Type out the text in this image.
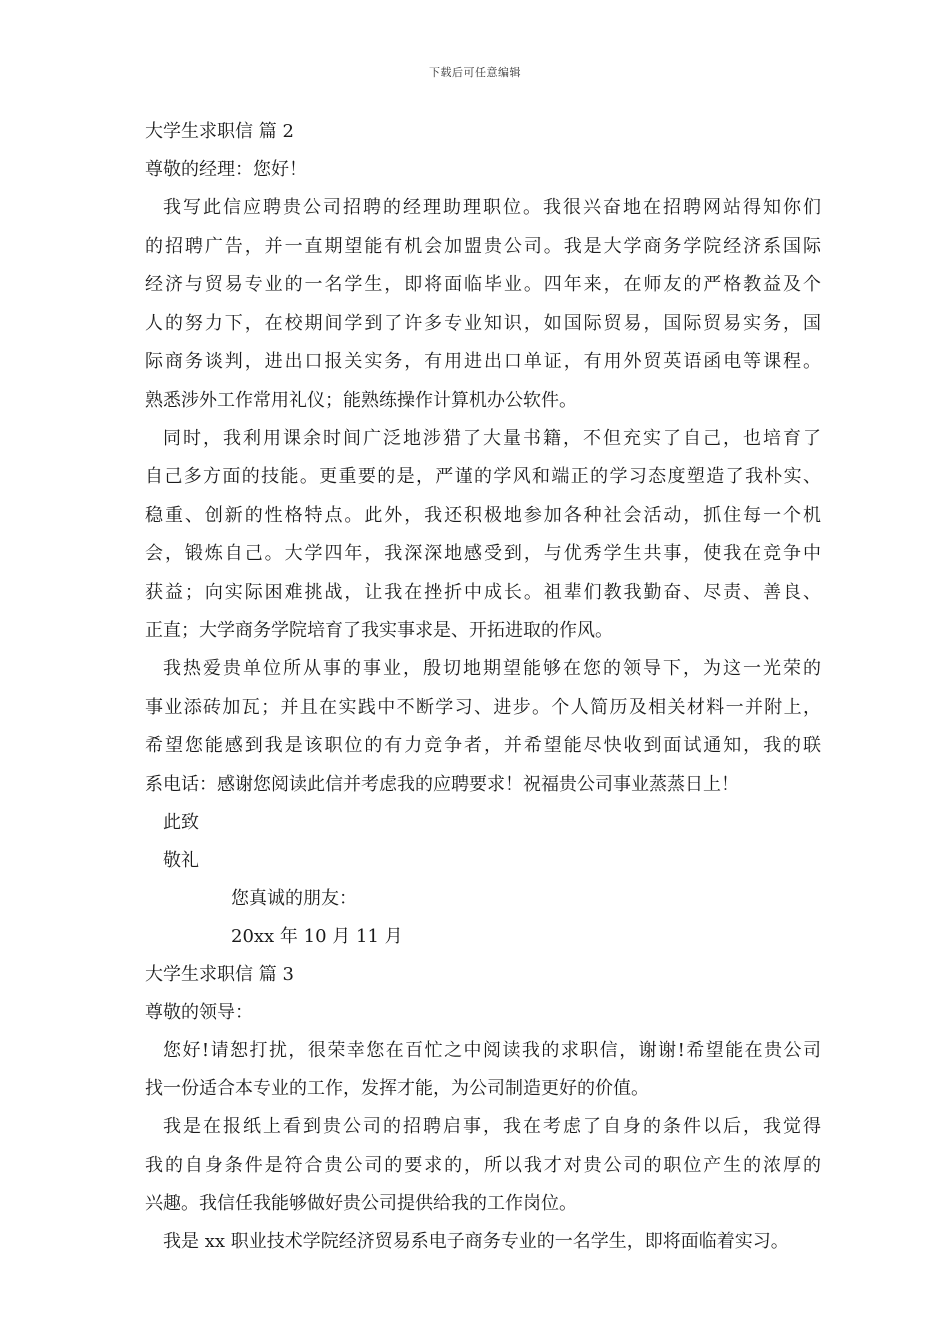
下载后可任意编辑
大学生求职信 篇 2
尊敬的经理：您好！
我写此信应聘贵公司招聘的经理助理职位。我很兴奋地在招聘网站得知你们
的招聘广告，并一直期望能有机会加盟贵公司。我是大学商务学院经济系国际
经济与贸易专业的一名学生，即将面临毕业。四年来，在师友的严格教益及个
人的努力下，在校期间学到了许多专业知识，如国际贸易，国际贸易实务，国
际商务谈判，进出口报关实务，有用进出口单证，有用外贸英语函电等课程。
熟悉涉外工作常用礼仪；能熟练操作计算机办公软件。
同时，我利用课余时间广泛地涉猎了大量书籍，不但充实了自己，也培育了
自己多方面的技能。更重要的是，严谨的学风和端正的学习态度塑造了我朴实、
稳重、创新的性格特点。此外，我还积极地参加各种社会活动，抓住每一个机
会，锻炼自己。大学四年，我深深地感受到，与优秀学生共事，使我在竞争中
获益；向实际困难挑战，让我在挫折中成长。祖辈们教我勤奋、尽责、善良、
正直；大学商务学院培育了我实事求是、开拓进取的作风。
我热爱贵单位所从事的事业，殷切地期望能够在您的领导下，为这一光荣的
事业添砖加瓦；并且在实践中不断学习、进步。个人简历及相关材料一并附上，
希望您能感到我是该职位的有力竞争者，并希望能尽快收到面试通知，我的联
系电话：感谢您阅读此信并考虑我的应聘要求！祝福贵公司事业蒸蒸日上！
此致
敬礼
您真诚的朋友：
20xx 年 10 月 11 月
大学生求职信 篇 3
尊敬的领导：
您好!请恕打扰，很荣幸您在百忙之中阅读我的求职信，谢谢!希望能在贵公司
找一份适合本专业的工作，发挥才能，为公司制造更好的价值。
我是在报纸上看到贵公司的招聘启事，我在考虑了自身的条件以后，我觉得
我的自身条件是符合贵公司的要求的，所以我才对贵公司的职位产生的浓厚的
兴趣。我信任我能够做好贵公司提供给我的工作岗位。
我是 xx 职业技术学院经济贸易系电子商务专业的一名学生，即将面临着实习。
